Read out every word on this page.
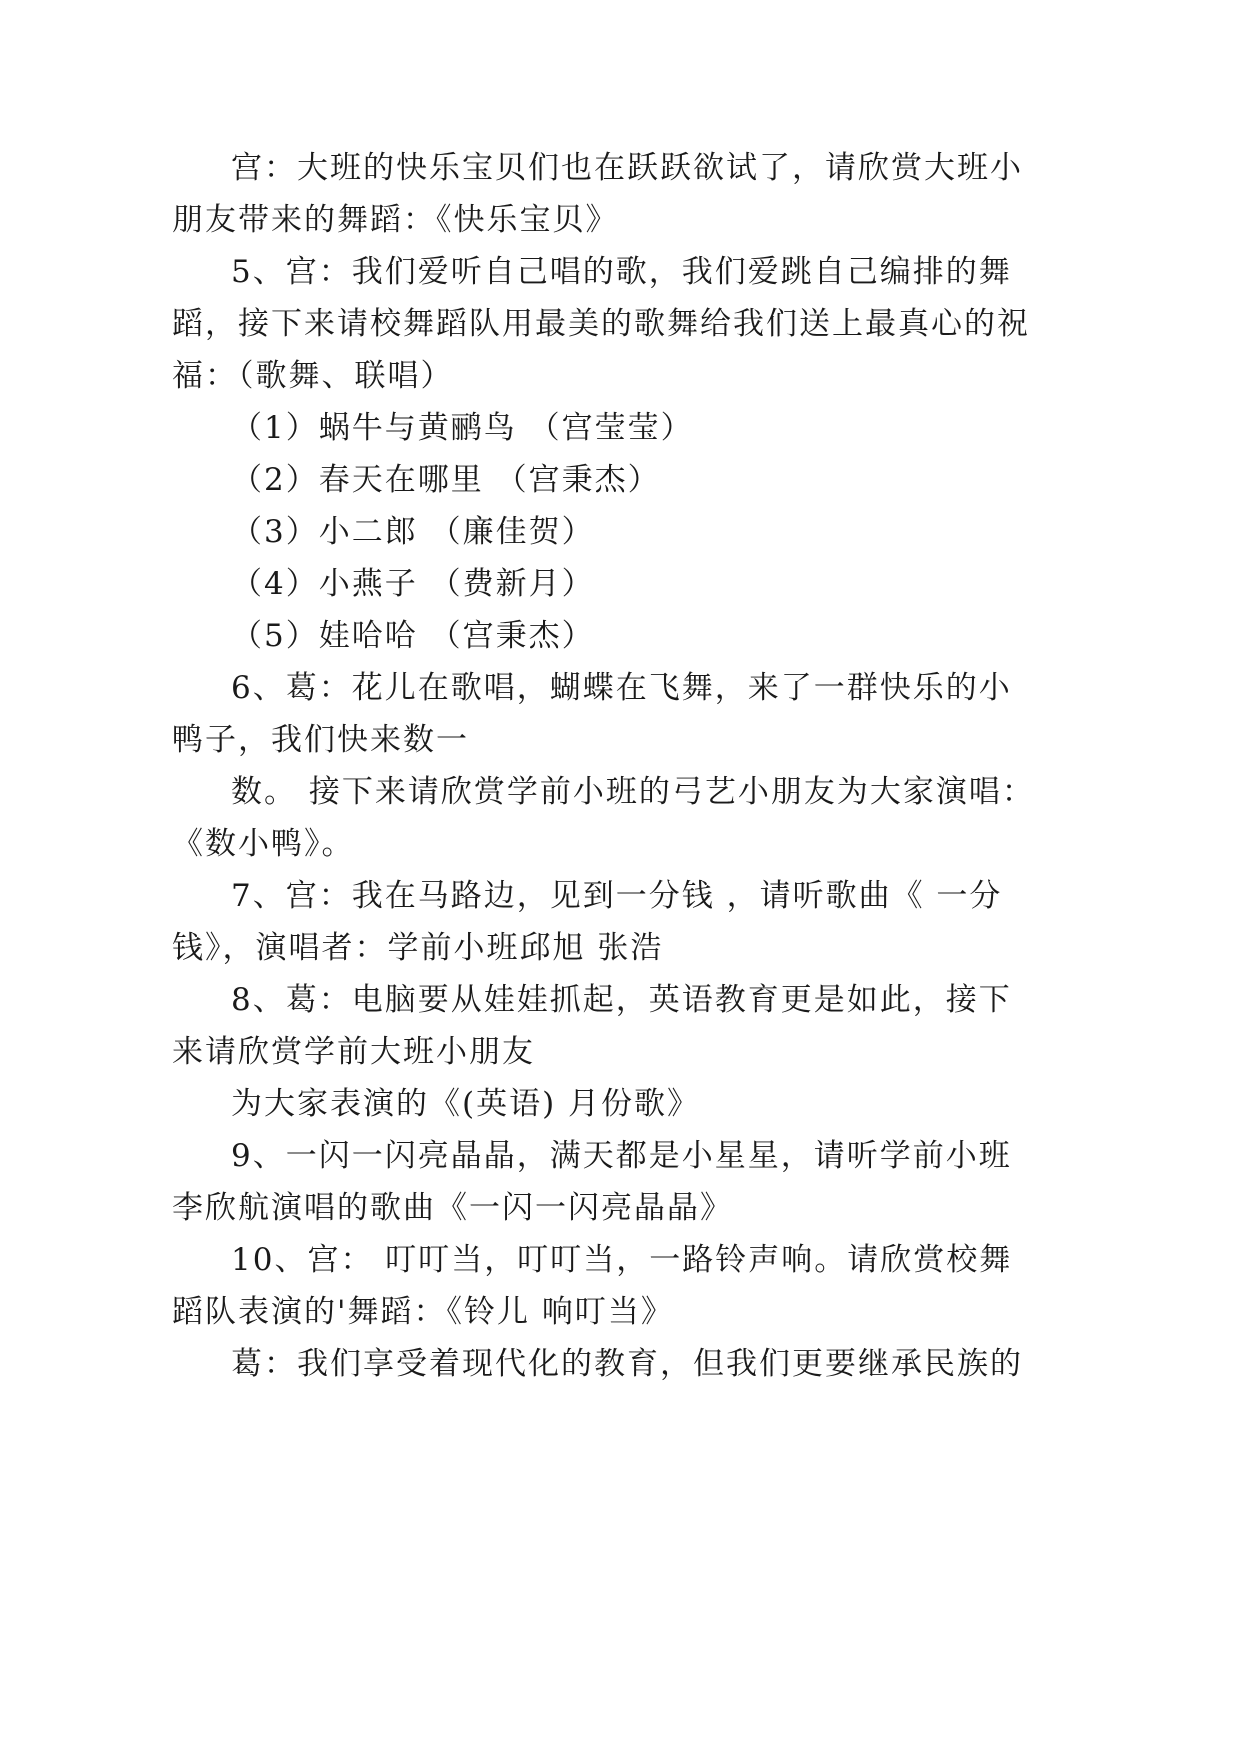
宫：大班的快乐宝贝们也在跃跃欲试了，请欣赏大班小
朋友带来的舞蹈：《快乐宝贝》
5、宫：我们爱听自己唱的歌，我们爱跳自己编排的舞
蹈，接下来请校舞蹈队用最美的歌舞给我们送上最真心的祝
福：（歌舞、联唱）
（1）蜗牛与黄鹂鸟 （宫莹莹）
（2）春天在哪里 （宫秉杰）
（3）小二郎 （廉佳贺）
（4）小燕子 （费新月）
（5）娃哈哈 （宫秉杰）
6、葛：花儿在歌唱，蝴蝶在飞舞，来了一群快乐的小
鸭子，我们快来数一
数。 接下来请欣赏学前小班的弓艺小朋友为大家演唱：
《数小鸭》。
7、宫：我在马路边，见到一分钱 ，请听歌曲《 一分
钱》，演唱者：学前小班邱旭 张浩
8、葛：电脑要从娃娃抓起，英语教育更是如此，接下
来请欣赏学前大班小朋友
为大家表演的《(英语) 月份歌》
9、一闪一闪亮晶晶，满天都是小星星，请听学前小班
李欣航演唱的歌曲《一闪一闪亮晶晶》
10、宫： 叮叮当，叮叮当，一路铃声响。请欣赏校舞
蹈队表演的'舞蹈：《铃儿 响叮当》
葛：我们享受着现代化的教育，但我们更要继承民族的
